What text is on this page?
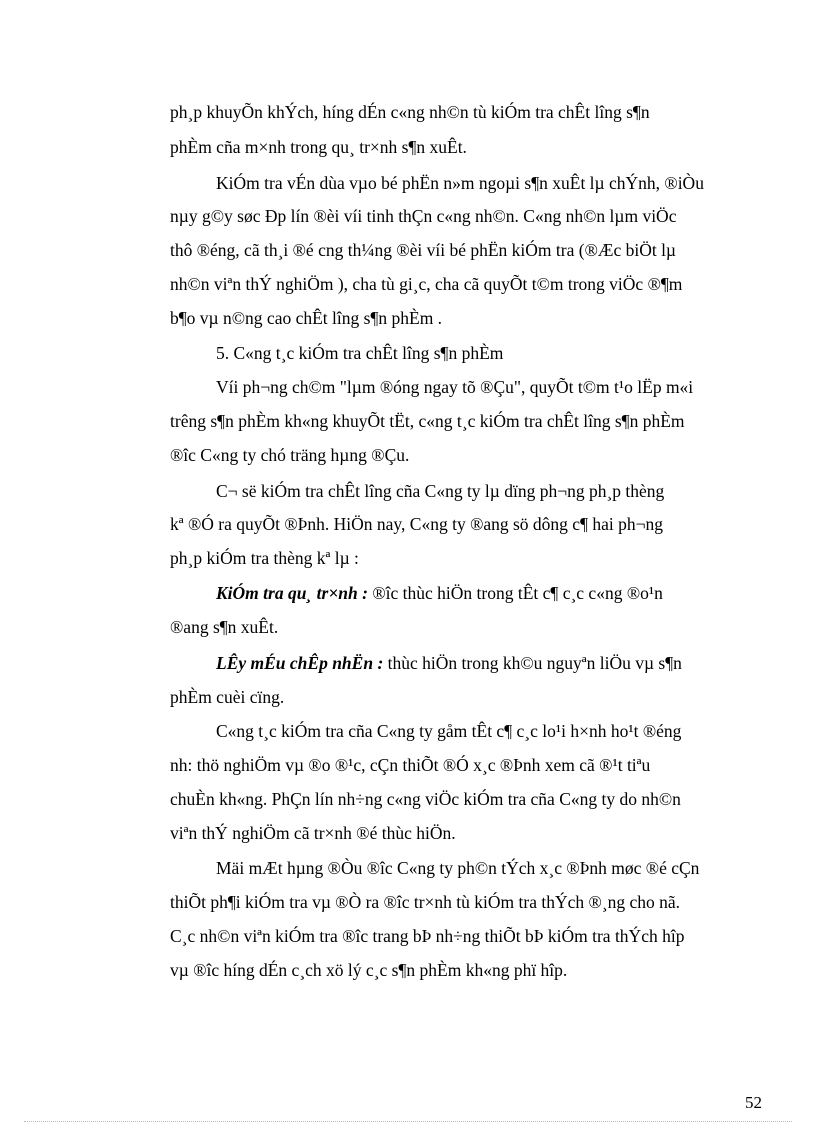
ph¸p khuyÕn khÝch, híng dÉn c«ng nh©n tù kiÓm tra chÊt lîng s¶n
phÈm cña m×nh trong qu¸ tr×nh s¶n xuÊt.
KiÓm tra vÉn dùa vµo bé phËn n»m ngoµi s¶n xuÊt lµ chÝnh, ®iÒu
nµy g©y søc Ðp lín ®èi víi tinh thÇn c«ng nh©n. C«ng nh©n lµm viÖc
thô ®éng, cã th¸i ®é cng th¼ng ®èi víi bé phËn kiÓm tra (®Æc biÖt lµ
nh©n viªn thÝ nghiÖm ), cha tù gi¸c, cha cã quyÕt t©m trong viÖc ®¶m
b¶o vµ n©ng cao chÊt lîng s¶n phÈm .
5. C«ng t¸c kiÓm tra chÊt lîng s¶n phÈm
Víi ph¬ng ch©m "lµm ®óng ngay tõ ®Çu", quyÕt t©m t¹o lËp m«i
trêng s¶n phÈm kh«ng khuyÕt tËt, c«ng t¸c kiÓm tra chÊt lîng s¶n phÈm
®îc C«ng ty chó träng hµng ®Çu.
C¬ së kiÓm tra chÊt lîng cña C«ng ty lµ dïng ph¬ng ph¸p thèng
kª ®Ó ra quyÕt ®Þnh. HiÖn nay, C«ng ty ®ang sö dông c¶ hai ph¬ng
ph¸p kiÓm tra thèng kª lµ :
KiÓm tra qu¸ tr×nh : ®îc thùc hiÖn trong tÊt c¶ c¸c c«ng ®o¹n
®ang s¶n xuÊt.
LÊy mÉu chÊp nhËn : thùc hiÖn trong kh©u nguyªn liÖu vµ s¶n
phÈm cuèi cïng.
C«ng t¸c kiÓm tra cña C«ng ty gåm tÊt c¶ c¸c lo¹i h×nh ho¹t ®éng
nh: thö nghiÖm vµ ®o ®¹c, cÇn thiÕt ®Ó x¸c ®Þnh xem cã ®¹t tiªu
chuÈn kh«ng. PhÇn lín nh÷ng c«ng viÖc kiÓm tra cña C«ng ty do nh©n
viªn thÝ nghiÖm cã tr×nh ®é thùc hiÖn.
Mäi mÆt hµng ®Òu ®îc C«ng ty ph©n tÝch x¸c ®Þnh møc ®é cÇn
thiÕt ph¶i kiÓm tra vµ ®Ò ra ®îc tr×nh tù kiÓm tra thÝch ®¸ng cho nã.
C¸c nh©n viªn kiÓm tra ®îc trang bÞ nh÷ng thiÕt bÞ kiÓm tra thÝch hîp
vµ ®îc híng dÉn c¸ch xö lý c¸c s¶n phÈm kh«ng phï hîp.
52
